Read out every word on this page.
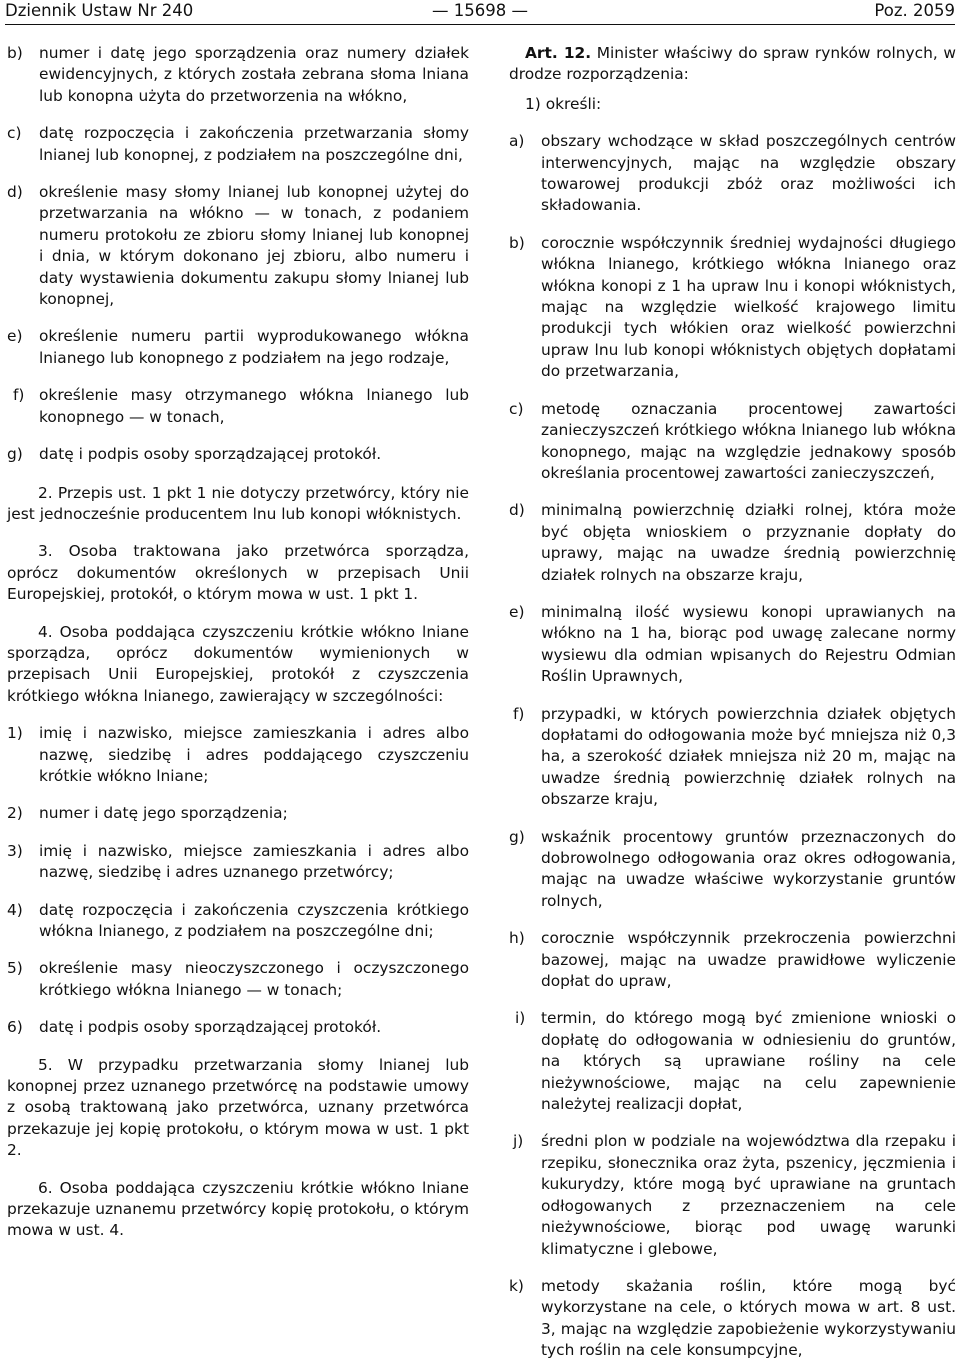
Dziennik Ustaw Nr 240	— 15698 —	Poz. 2059
b) numer i datę jego sporządzenia oraz numery działek ewidencyjnych, z których została zebrana słoma lniana lub konopna użyta do przetworzenia na włókno,
c) datę rozpoczęcia i zakończenia przetwarzania słomy lnianej lub konopnej, z podziałem na poszczególne dni,
d) określenie masy słomy lnianej lub konopnej użytej do przetwarzania na włókno — w tonach, z podaniem numeru protokołu ze zbioru słomy lnianej lub konopnej i dnia, w którym dokonano jej zbioru, albo numeru i daty wystawienia dokumentu zakupu słomy lnianej lub konopnej,
e) określenie numeru partii wyprodukowanego włókna lnianego lub konopnego z podziałem na jego rodzaje,
f) określenie masy otrzymanego włókna lnianego lub konopnego — w tonach,
g) datę i podpis osoby sporządzającej protokół.

2. Przepis ust. 1 pkt 1 nie dotyczy przetwórcy, który nie jest jednocześnie producentem lnu lub konopi włóknistych.

3. Osoba traktowana jako przetwórca sporządza, oprócz dokumentów określonych w przepisach Unii Europejskiej, protokół, o którym mowa w ust. 1 pkt 1.

4. Osoba poddająca czyszczeniu krótkie włókno lniane sporządza, oprócz dokumentów wymienionych w przepisach Unii Europejskiej, protokół z czyszczenia krótkiego włókna lnianego, zawierający w szczególności:

1) imię i nazwisko, miejsce zamieszkania i adres albo nazwę, siedzibę i adres poddającego czyszczeniu krótkie włókno lniane;
2) numer i datę jego sporządzenia;
3) imię i nazwisko, miejsce zamieszkania i adres albo nazwę, siedzibę i adres uznanego przetwórcy;
4) datę rozpoczęcia i zakończenia czyszczenia krótkiego włókna lnianego, z podziałem na poszczególne dni;
5) określenie masy nieoczyszczonego i oczyszczonego krótkiego włókna lnianego — w tonach;
6) datę i podpis osoby sporządzającej protokół.

5. W przypadku przetwarzania słomy lnianej lub konopnej przez uznanego przetwórcę na podstawie umowy z osobą traktowaną jako przetwórca, uznany przetwórca przekazuje jej kopię protokołu, o którym mowa w ust. 1 pkt 2.

6. Osoba poddająca czyszczeniu krótkie włókno lniane przekazuje uznanemu przetwórcy kopię protokołu, o którym mowa w ust. 4.

Art. 12. Minister właściwy do spraw rynków rolnych, w drodze rozporządzenia:

1) określi:

a) obszary wchodzące w skład poszczególnych centrów interwencyjnych, mając na względzie obszary towarowej produkcji zbóż oraz możliwości ich składowania.
b) corocznie współczynnik średniej wydajności długiego włókna lnianego, krótkiego włókna lnianego oraz włókna konopi z 1 ha upraw lnu i konopi włóknistych, mając na względzie wielkość krajowego limitu produkcji tych włókien oraz wielkość powierzchni upraw lnu lub konopi włóknistych objętych dopłatami do przetwarzania,
c) metodę oznaczania procentowej zawartości zanieczyszczeń krótkiego włókna lnianego lub włókna konopnego, mając na względzie jednakowy sposób określania procentowej zawartości zanieczyszczeń,
d) minimalną powierzchnię działki rolnej, która może być objęta wnioskiem o przyznanie dopłaty do uprawy, mając na uwadze średnią powierzchnię działek rolnych na obszarze kraju,
e) minimalną ilość wysiewu konopi uprawianych na włókno na 1 ha, biorąc pod uwagę zalecane normy wysiewu dla odmian wpisanych do Rejestru Odmian Roślin Uprawnych,
f) przypadki, w których powierzchnia działek objętych dopłatami do odłogowania może być mniejsza niż 0,3 ha, a szerokość działek mniejsza niż 20 m, mając na uwadze średnią powierzchnię działek rolnych na obszarze kraju,
g) wskaźnik procentowy gruntów przeznaczonych do dobrowolnego odłogowania oraz okres odłogowania, mając na uwadze właściwe wykorzystanie gruntów rolnych,
h) corocznie współczynnik przekroczenia powierzchni bazowej, mając na uwadze prawidłowe wyliczenie dopłat do upraw,
i) termin, do którego mogą być zmienione wnioski o dopłatę do odłogowania w odniesieniu do gruntów, na których są uprawiane rośliny na cele nieżywnościowe, mając na celu zapewnienie należytej realizacji dopłat,
j) średni plon w podziale na województwa dla rzepaku i rzepiku, słonecznika oraz żyta, pszenicy, jęczmienia i kukurydzy, które mogą być uprawiane na gruntach odłogowanych z przeznaczeniem na cele nieżywnościowe, biorąc pod uwagę warunki klimatyczne i glebowe,
k) metody skażania roślin, które mogą być wykorzystane na cele, o których mowa w art. 8 ust. 3, mając na względzie zapobieżenie wykorzystywaniu tych roślin na cele konsumpcyjne,
